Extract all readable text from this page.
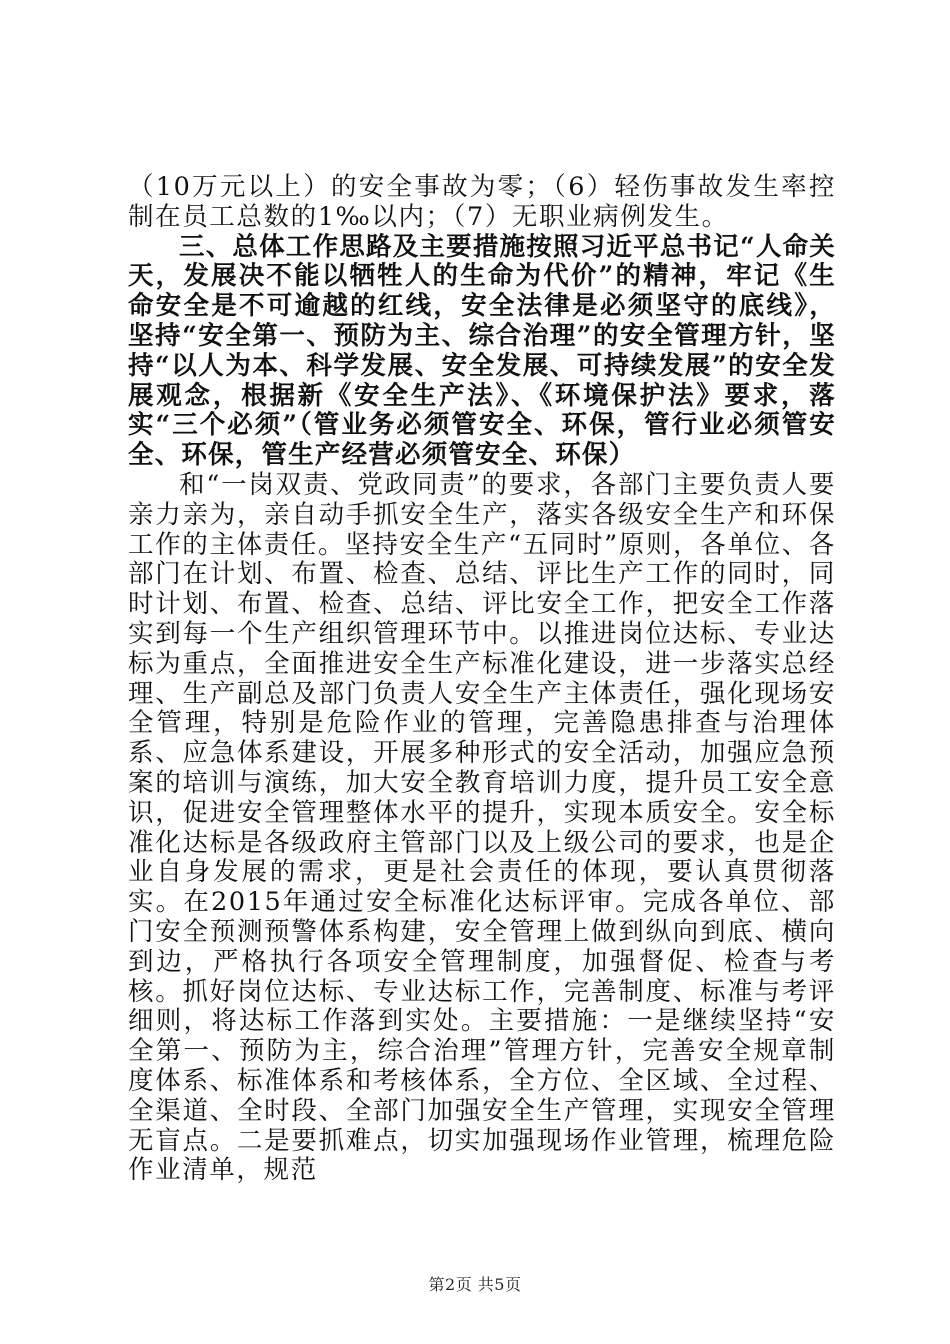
（10万元以上）的安全事故为零；（6）轻伤事故发生率控制在员工总数的1‰以内；（7）无职业病例发生。

三、总体工作思路及主要措施按照习近平总书记“人命关天，发展决不能以牺牲人的生命为代价”的精神，牢记《生命安全是不可逾越的红线，安全法律是必须坚守的底线》，坚持“安全第一、预防为主、综合治理”的安全管理方针，坚持“以人为本、科学发展、安全发展、可持续发展”的安全发展观念，根据新《安全生产法》、《环境保护法》要求，落实“三个必须”（管业务必须管安全、环保，管行业必须管安全、环保，管生产经营必须管安全、环保）

和“一岗双责、党政同责”的要求，各部门主要负责人要亲力亲为，亲自动手抓安全生产，落实各级安全生产和环保工作的主体责任。坚持安全生产“五同时”原则，各单位、各部门在计划、布置、检查、总结、评比生产工作的同时，同时计划、布置、检查、总结、评比安全工作，把安全工作落实到每一个生产组织管理环节中。以推进岗位达标、专业达标为重点，全面推进安全生产标准化建设，进一步落实总经理、生产副总及部门负责人安全生产主体责任，强化现场安全管理，特别是危险作业的管理，完善隐患排查与治理体系、应急体系建设，开展多种形式的安全活动，加强应急预案的培训与演练，加大安全教育培训力度，提升员工安全意识，促进安全管理整体水平的提升，实现本质安全。安全标准化达标是各级政府主管部门以及上级公司的要求，也是企业自身发展的需求，更是社会责任的体现，要认真贯彻落实。在2015年通过安全标准化达标评审。完成各单位、部门安全预测预警体系构建，安全管理上做到纵向到底、横向到边，严格执行各项安全管理制度，加强督促、检查与考核。抓好岗位达标、专业达标工作，完善制度、标准与考评细则，将达标工作落到实处。主要措施：一是继续坚持“安全第一、预防为主，综合治理”管理方针，完善安全规章制度体系、标准体系和考核体系，全方位、全区域、全过程、全渠道、全时段、全部门加强安全生产管理，实现安全管理无盲点。二是要抓难点，切实加强现场作业管理，梳理危险作业清单，规范

第2页 共5页
